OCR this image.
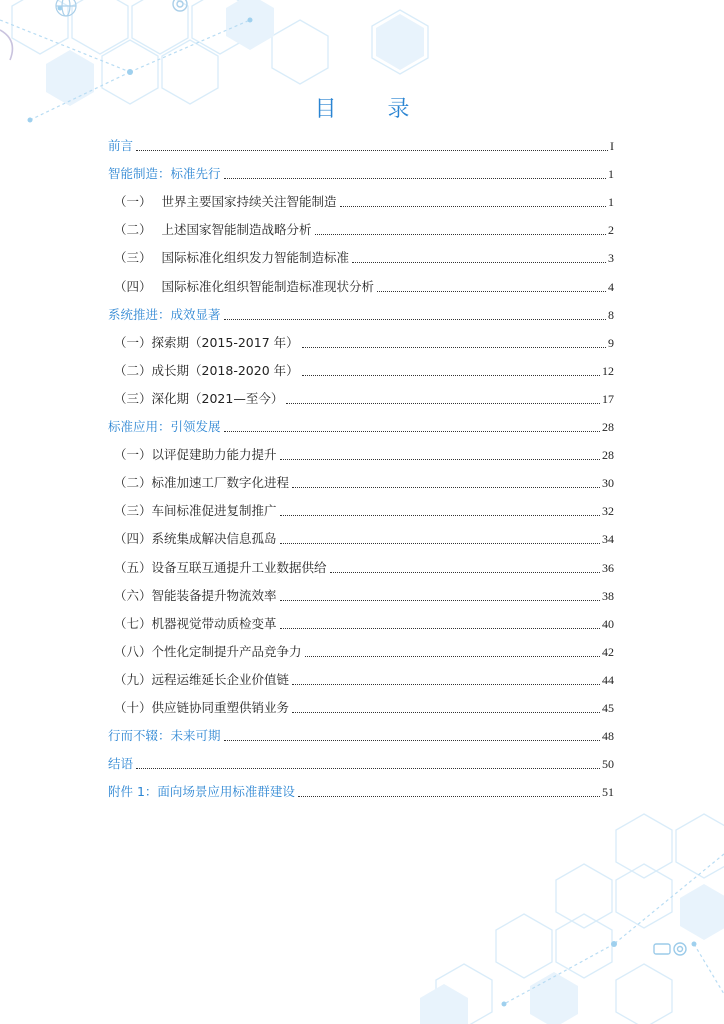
目 录
前言	I
智能制造：标准先行	1
（一） 世界主要国家持续关注智能制造	1
（二） 上述国家智能制造战略分析	2
（三） 国际标准化组织发力智能制造标准	3
（四） 国际标准化组织智能制造标准现状分析	4
系统推进：成效显著	8
（一）探索期（2015-2017 年）	9
（二）成长期（2018-2020 年）	12
（三）深化期（2021—至今）	17
标准应用：引领发展	28
（一）以评促建助力能力提升	28
（二）标准加速工厂数字化进程	30
（三）车间标准促进复制推广	32
（四）系统集成解决信息孤岛	34
（五）设备互联互通提升工业数据供给	36
（六）智能装备提升物流效率	38
（七）机器视觉带动质检变革	40
（八）个性化定制提升产品竞争力	42
（九）远程运维延长企业价值链	44
（十）供应链协同重塑供销业务	45
行而不辍：未来可期	48
结语	50
附件 1：面向场景应用标准群建设	51
